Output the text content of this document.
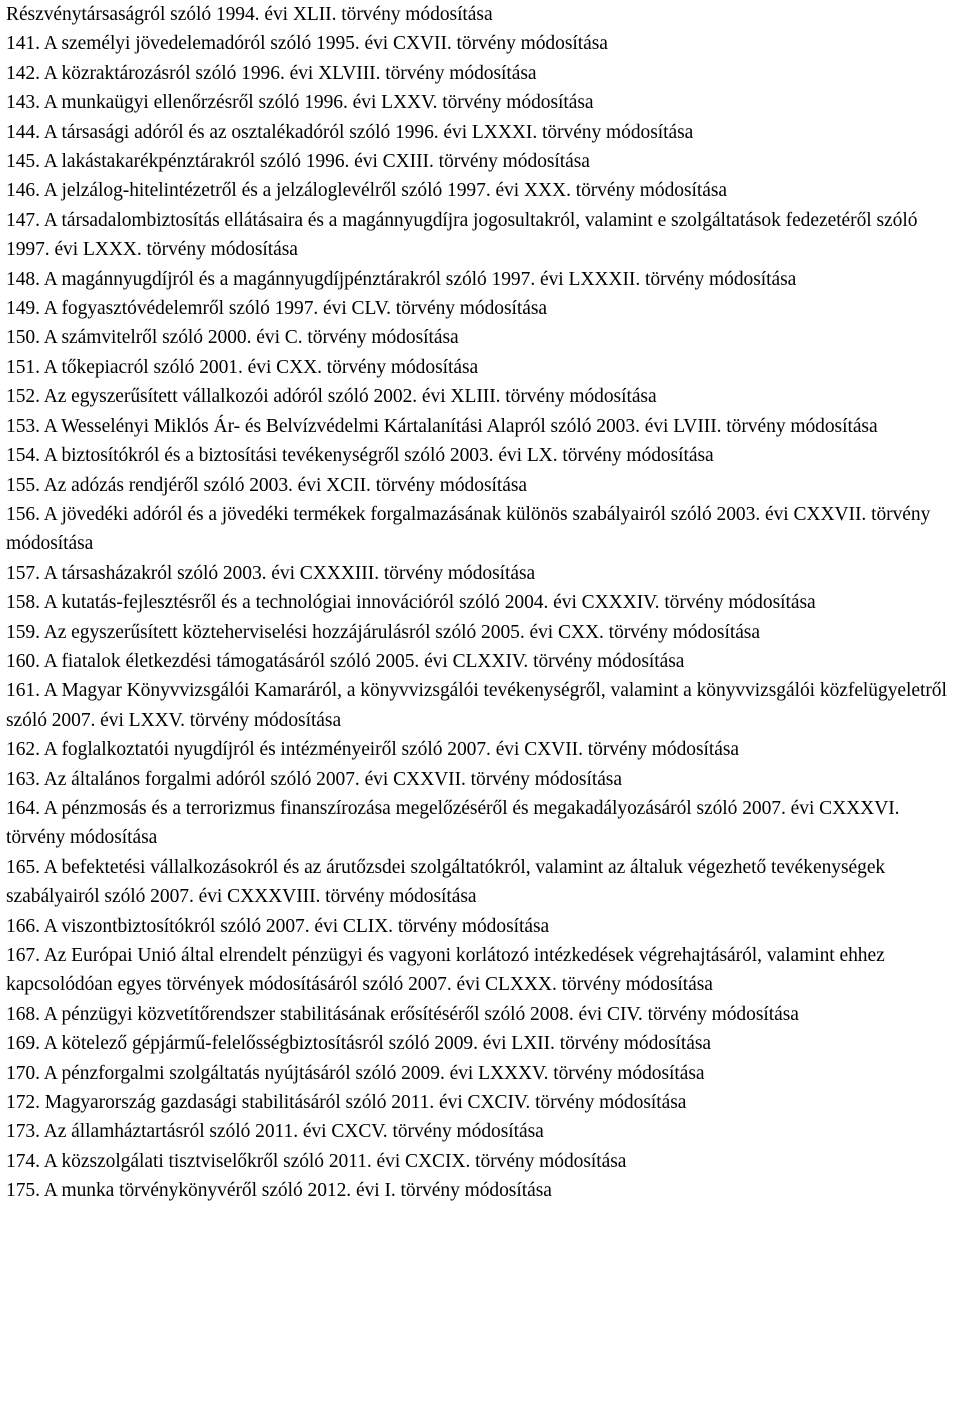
Részvénytársaságról szóló 1994. évi XLII. törvény módosítása

141. A személyi jövedelemadóról szóló 1995. évi CXVII. törvény módosítása

142. A közraktározásról szóló 1996. évi XLVIII. törvény módosítása

143. A munkaügyi ellenőrzésről szóló 1996. évi LXXV. törvény módosítása

144. A társasági adóról és az osztalékadóról szóló 1996. évi LXXXI. törvény módosítása

145. A lakástakarékpénztárakról szóló 1996. évi CXIII. törvény módosítása

146. A jelzálog-hitelintézetről és a jelzáloglevélről szóló 1997. évi XXX. törvény módosítása

147. A társadalombiztosítás ellátásaira és a magánnyugdíjra jogosultakról, valamint e szolgáltatások fedezetéről szóló 1997. évi LXXX. törvény módosítása

148. A magánnyugdíjról és a magánnyugdíjpénztárakról szóló 1997. évi LXXXII. törvény módosítása

149. A fogyasztóvédelemről szóló 1997. évi CLV. törvény módosítása

150. A számvitelről szóló 2000. évi C. törvény módosítása

151. A tőkepiacról szóló 2001. évi CXX. törvény módosítása

152. Az egyszerűsített vállalkozói adóról szóló 2002. évi XLIII. törvény módosítása

153. A Wesselényi Miklós Ár- és Belvízvédelmi Kártalanítási Alapról szóló 2003. évi LVIII. törvény módosítása

154. A biztosítókról és a biztosítási tevékenységről szóló 2003. évi LX. törvény módosítása

155. Az adózás rendjéről szóló 2003. évi XCII. törvény módosítása

156. A jövedéki adóról és a jövedéki termékek forgalmazásának különös szabályairól szóló 2003. évi CXXVII. törvény módosítása

157. A társasházakról szóló 2003. évi CXXXIII. törvény módosítása

158. A kutatás-fejlesztésről és a technológiai innovációról szóló 2004. évi CXXXIV. törvény módosítása

159. Az egyszerűsített közteherviselési hozzájárulásról szóló 2005. évi CXX. törvény módosítása

160. A fiatalok életkezdési támogatásáról szóló 2005. évi CLXXIV. törvény módosítása

161. A Magyar Könyvvizsgálói Kamaráról, a könyvvizsgálói tevékenységről, valamint a könyvvizsgálói közfelügyeletről szóló 2007. évi LXXV. törvény módosítása

162. A foglalkoztatói nyugdíjról és intézményeiről szóló 2007. évi CXVII. törvény módosítása

163. Az általános forgalmi adóról szóló 2007. évi CXXVII. törvény módosítása

164. A pénzmosás és a terrorizmus finanszírozása megelőzéséről és megakadályozásáról szóló 2007. évi CXXXVI. törvény módosítása

165. A befektetési vállalkozásokról és az árutőzsdei szolgáltatókról, valamint az általuk végezhető tevékenységek szabályairól szóló 2007. évi CXXXVIII. törvény módosítása

166. A viszontbiztosítókról szóló 2007. évi CLIX. törvény módosítása

167. Az Európai Unió által elrendelt pénzügyi és vagyoni korlátozó intézkedések végrehajtásáról, valamint ehhez kapcsolódóan egyes törvények módosításáról szóló 2007. évi CLXXX. törvény módosítása

168. A pénzügyi közvetítőrendszer stabilitásának erősítéséről szóló 2008. évi CIV. törvény módosítása

169. A kötelező gépjármű-felelősségbiztosításról szóló 2009. évi LXII. törvény módosítása

170. A pénzforgalmi szolgáltatás nyújtásáról szóló 2009. évi LXXXV. törvény módosítása

172. Magyarország gazdasági stabilitásáról szóló 2011. évi CXCIV. törvény módosítása

173. Az államháztartásról szóló 2011. évi CXCV. törvény módosítása

174. A közszolgálati tisztviselőkről szóló 2011. évi CXCIX. törvény módosítása

175. A munka törvénykönyvéről szóló 2012. évi I. törvény módosítása
